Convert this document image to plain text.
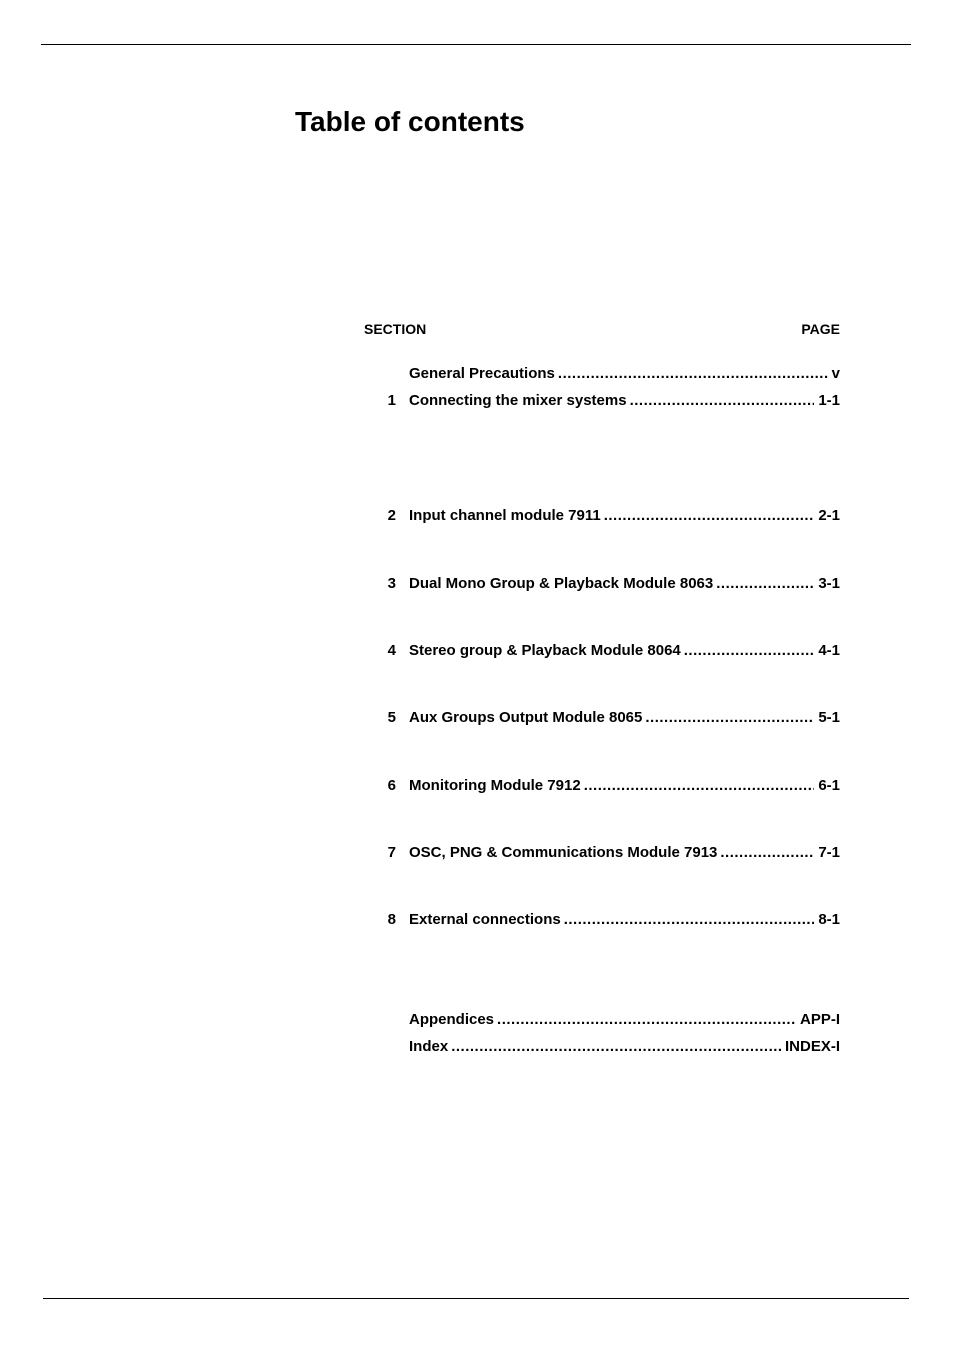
Table of contents
SECTION	PAGE
General Precautions .....	v
1 Connecting the mixer systems .....	1-1
2 Input channel module 7911 .....	2-1
3 Dual Mono Group & Playback Module 8063 .....	3-1
4 Stereo group & Playback Module 8064 .....	4-1
5 Aux Groups Output Module 8065 .....	5-1
6 Monitoring Module 7912 .....	6-1
7 OSC, PNG & Communications Module 7913 .....	7-1
8 External connections .....	8-1
Appendices .....	APP-I
Index .....	INDEX-I
